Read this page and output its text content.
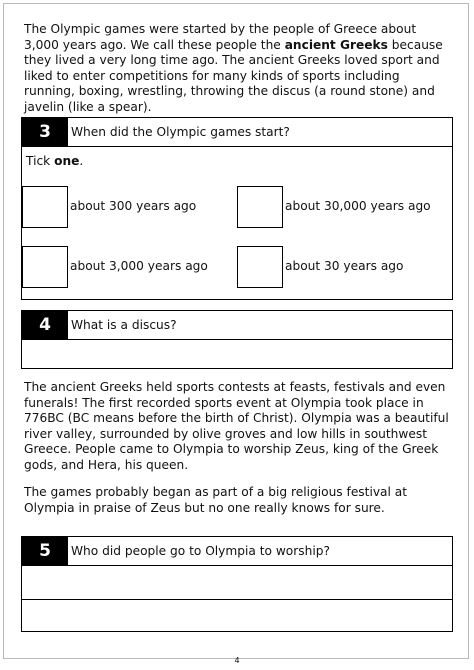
The Olympic games were started by the people of Greece about 3,000 years ago. We call these people the ancient Greeks because they lived a very long time ago. The ancient Greeks loved sport and liked to enter competitions for many kinds of sports including running, boxing, wrestling, throwing the discus (a round stone) and javelin (like a spear).

3	When did the Olympic games start?
Tick one.
about 300 years ago	about 30,000 years ago
about 3,000 years ago	about 30 years ago
4	What is a discus?

The ancient Greeks held sports contests at feasts, festivals and even funerals! The first recorded sports event at Olympia took place in 776BC (BC means before the birth of Christ). Olympia was a beautiful river valley, surrounded by olive groves and low hills in southwest Greece. People came to Olympia to worship Zeus, king of the Greek gods, and Hera, his queen.

The games probably began as part of a big religious festival at Olympia in praise of Zeus but no one really knows for sure.

5	Who did people go to Olympia to worship?
4
